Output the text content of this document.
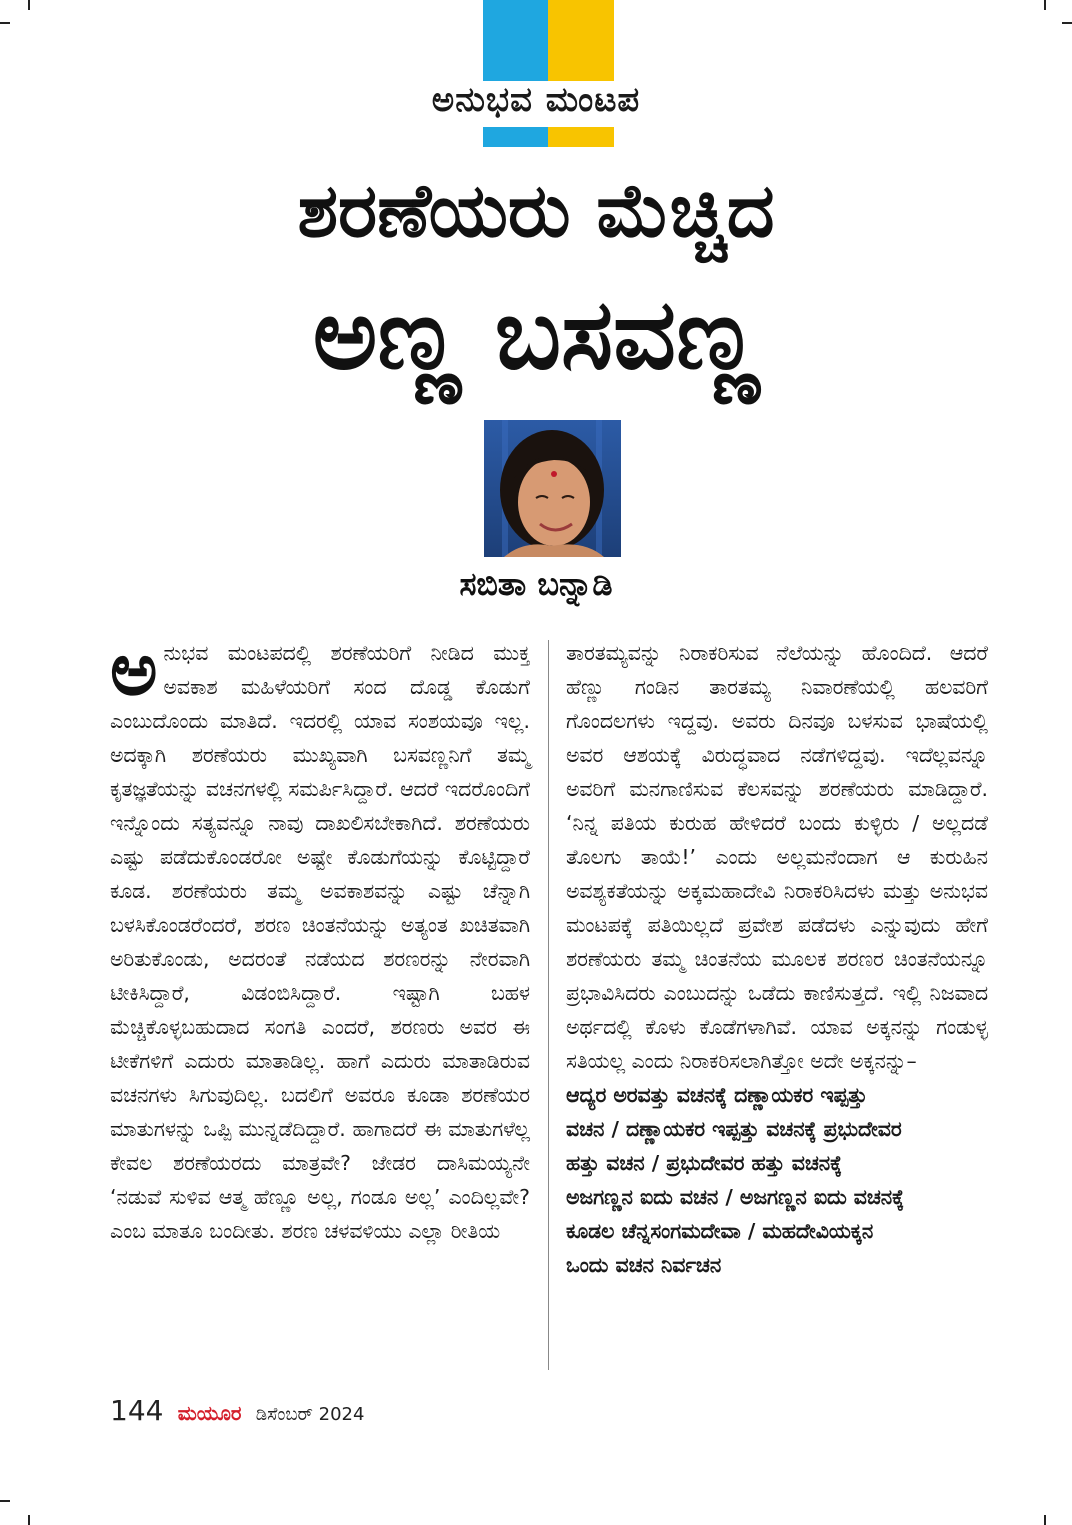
ಅನುಭವ ಮಂಟಪ
ಶರಣೆಯರು ಮೆಚ್ಚಿದ
ಅಣ್ಣ ಬಸವಣ್ಣ
ಸಬಿತಾ ಬನ್ನಾಡಿ

ಅನುಭವ ಮಂಟಪದಲ್ಲಿ ಶರಣೆಯರಿಗೆ ನೀಡಿದ ಮುಕ್ತ ಅವಕಾಶ ಮಹಿಳೆಯರಿಗೆ ಸಂದ ದೊಡ್ಡ ಕೊಡುಗೆ ಎಂಬುದೊಂದು ಮಾತಿದೆ. ಇದರಲ್ಲಿ ಯಾವ ಸಂಶಯವೂ ಇಲ್ಲ. ಅದಕ್ಕಾಗಿ ಶರಣೆಯರು ಮುಖ್ಯವಾಗಿ ಬಸವಣ್ಣನಿಗೆ ತಮ್ಮ ಕೃತಜ್ಞತೆಯನ್ನು ವಚನಗಳಲ್ಲಿ ಸಮರ್ಪಿಸಿದ್ದಾರೆ. ಆದರೆ ಇದರೊಂದಿಗೆ ಇನ್ನೊಂದು ಸತ್ಯವನ್ನೂ ನಾವು ದಾಖಲಿಸಬೇಕಾಗಿದೆ. ಶರಣೆಯರು ಎಷ್ಟು ಪಡೆದುಕೊಂಡರೋ ಅಷ್ಟೇ ಕೊಡುಗೆಯನ್ನು ಕೊಟ್ಟಿದ್ದಾರೆ ಕೂಡ. ಶರಣೆಯರು ತಮ್ಮ ಅವಕಾಶವನ್ನು ಎಷ್ಟು ಚೆನ್ನಾಗಿ ಬಳಸಿಕೊಂಡರೆಂದರೆ, ಶರಣ ಚಿಂತನೆಯನ್ನು ಅತ್ಯಂತ ಖಚಿತವಾಗಿ ಅರಿತುಕೊಂಡು, ಅದರಂತೆ ನಡೆಯದ ಶರಣರನ್ನು ನೇರವಾಗಿ ಟೀಕಿಸಿದ್ದಾರೆ, ವಿಡಂಬಿಸಿದ್ದಾರೆ. ಇಷ್ಟಾಗಿ ಬಹಳ ಮೆಚ್ಚಿಕೊಳ್ಳಬಹುದಾದ ಸಂಗತಿ ಎಂದರೆ, ಶರಣರು ಅವರ ಈ ಟೀಕೆಗಳಿಗೆ ಎದುರು ಮಾತಾಡಿಲ್ಲ. ಹಾಗೆ ಎದುರು ಮಾತಾಡಿರುವ ವಚನಗಳು ಸಿಗುವುದಿಲ್ಲ. ಬದಲಿಗೆ ಅವರೂ ಕೂಡಾ ಶರಣೆಯರ ಮಾತುಗಳನ್ನು ಒಪ್ಪಿ ಮುನ್ನಡೆದಿದ್ದಾರೆ. ಹಾಗಾದರೆ ಈ ಮಾತುಗಳೆಲ್ಲ ಕೇವಲ ಶರಣೆಯರದು ಮಾತ್ರವೇ? ಜೇಡರ ದಾಸಿಮಯ್ಯನೇ ‘ನಡುವೆ ಸುಳಿವ ಆತ್ಮ ಹೆಣ್ಣೂ ಅಲ್ಲ, ಗಂಡೂ ಅಲ್ಲ’ ಎಂದಿಲ್ಲವೇ? ಎಂಬ ಮಾತೂ ಬಂದೀತು. ಶರಣ ಚಳವಳಿಯು ಎಲ್ಲಾ ರೀತಿಯ

ತಾರತಮ್ಯವನ್ನು ನಿರಾಕರಿಸುವ ನೆಲೆಯನ್ನು ಹೊಂದಿದೆ. ಆದರೆ ಹೆಣ್ಣು ಗಂಡಿನ ತಾರತಮ್ಯ ನಿವಾರಣೆಯಲ್ಲಿ ಹಲವರಿಗೆ ಗೊಂದಲಗಳು ಇದ್ದವು. ಅವರು ದಿನವೂ ಬಳಸುವ ಭಾಷೆಯಲ್ಲಿ ಅವರ ಆಶಯಕ್ಕೆ ವಿರುದ್ಧವಾದ ನಡೆಗಳಿದ್ದವು. ಇದೆಲ್ಲವನ್ನೂ ಅವರಿಗೆ ಮನಗಾಣಿಸುವ ಕೆಲಸವನ್ನು ಶರಣೆಯರು ಮಾಡಿದ್ದಾರೆ. ‘ನಿನ್ನ ಪತಿಯ ಕುರುಹ ಹೇಳಿದರೆ ಬಂದು ಕುಳ್ಳಿರು / ಅಲ್ಲದಡೆ ತೊಲಗು ತಾಯೆ!’ ಎಂದು ಅಲ್ಲಮನೆಂದಾಗ ಆ ಕುರುಹಿನ ಅವಶ್ಯಕತೆಯನ್ನು ಅಕ್ಕಮಹಾದೇವಿ ನಿರಾಕರಿಸಿದಳು ಮತ್ತು ಅನುಭವ ಮಂಟಪಕ್ಕೆ ಪತಿಯಿಲ್ಲದೆ ಪ್ರವೇಶ ಪಡೆದಳು ಎನ್ನುವುದು ಹೇಗೆ ಶರಣೆಯರು ತಮ್ಮ ಚಿಂತನೆಯ ಮೂಲಕ ಶರಣರ ಚಿಂತನೆಯನ್ನೂ ಪ್ರಭಾವಿಸಿದರು ಎಂಬುದನ್ನು ಒಡೆದು ಕಾಣಿಸುತ್ತದೆ. ಇಲ್ಲಿ ನಿಜವಾದ ಅರ್ಥದಲ್ಲಿ ಕೊಳು ಕೊಡೆಗಳಾಗಿವೆ. ಯಾವ ಅಕ್ಕನನ್ನು ಗಂಡುಳ್ಳ ಸತಿಯಲ್ಲ ಎಂದು ನಿರಾಕರಿಸಲಾಗಿತ್ತೋ ಅದೇ ಅಕ್ಕನನ್ನು–

ಆದ್ಯರ ಅರವತ್ತು ವಚನಕ್ಕೆ ದಣ್ಣಾಯಕರ ಇಪ್ಪತ್ತು
ವಚನ / ದಣ್ಣಾಯಕರ ಇಪ್ಪತ್ತು ವಚನಕ್ಕೆ ಪ್ರಭುದೇವರ
ಹತ್ತು ವಚನ / ಪ್ರಭುದೇವರ ಹತ್ತು ವಚನಕ್ಕೆ
ಅಜಗಣ್ಣನ ಐದು ವಚನ / ಅಜಗಣ್ಣನ ಐದು ವಚನಕ್ಕೆ
ಕೂಡಲ ಚೆನ್ನಸಂಗಮದೇವಾ / ಮಹದೇವಿಯಕ್ಕನ
ಒಂದು ವಚನ ನಿರ್ವಚನ
144 ಮಯೂರ ಡಿಸೆಂಬರ್ 2024
